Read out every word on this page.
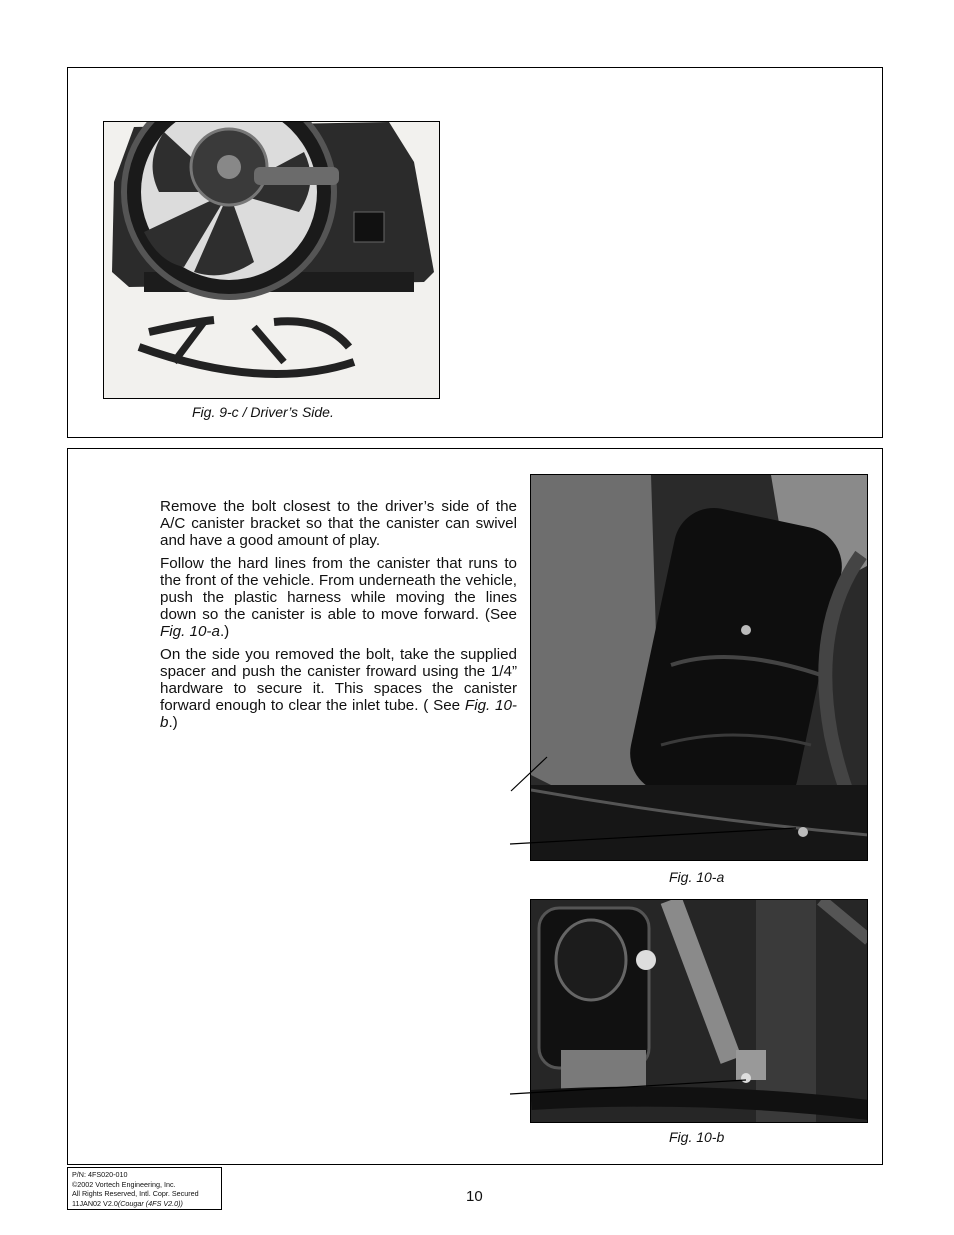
Fig. 9-c / Driver’s Side.

Remove the bolt closest to the driver’s side of the A/C canister bracket so that the canister can swivel and have a good amount of play.

Follow the hard lines from the canister that runs to the front of the vehicle. From underneath the vehicle, push the plastic harness while moving the lines down so the canister is able to move forward. (See Fig. 10-a.)

On the side you removed the bolt, take the supplied spacer and push the canister froward using the 1/4” hardware to secure it. This spaces the canister forward enough to clear the inlet tube. ( See Fig. 10-b.)

Fig. 10-a
Fig. 10-b
P/N: 4FS020-010
©2002 Vortech Engineering, Inc.
All Rights Reserved, Intl. Copr. Secured
11JAN02 V2.0(Cougar (4FS V2.0))	10
